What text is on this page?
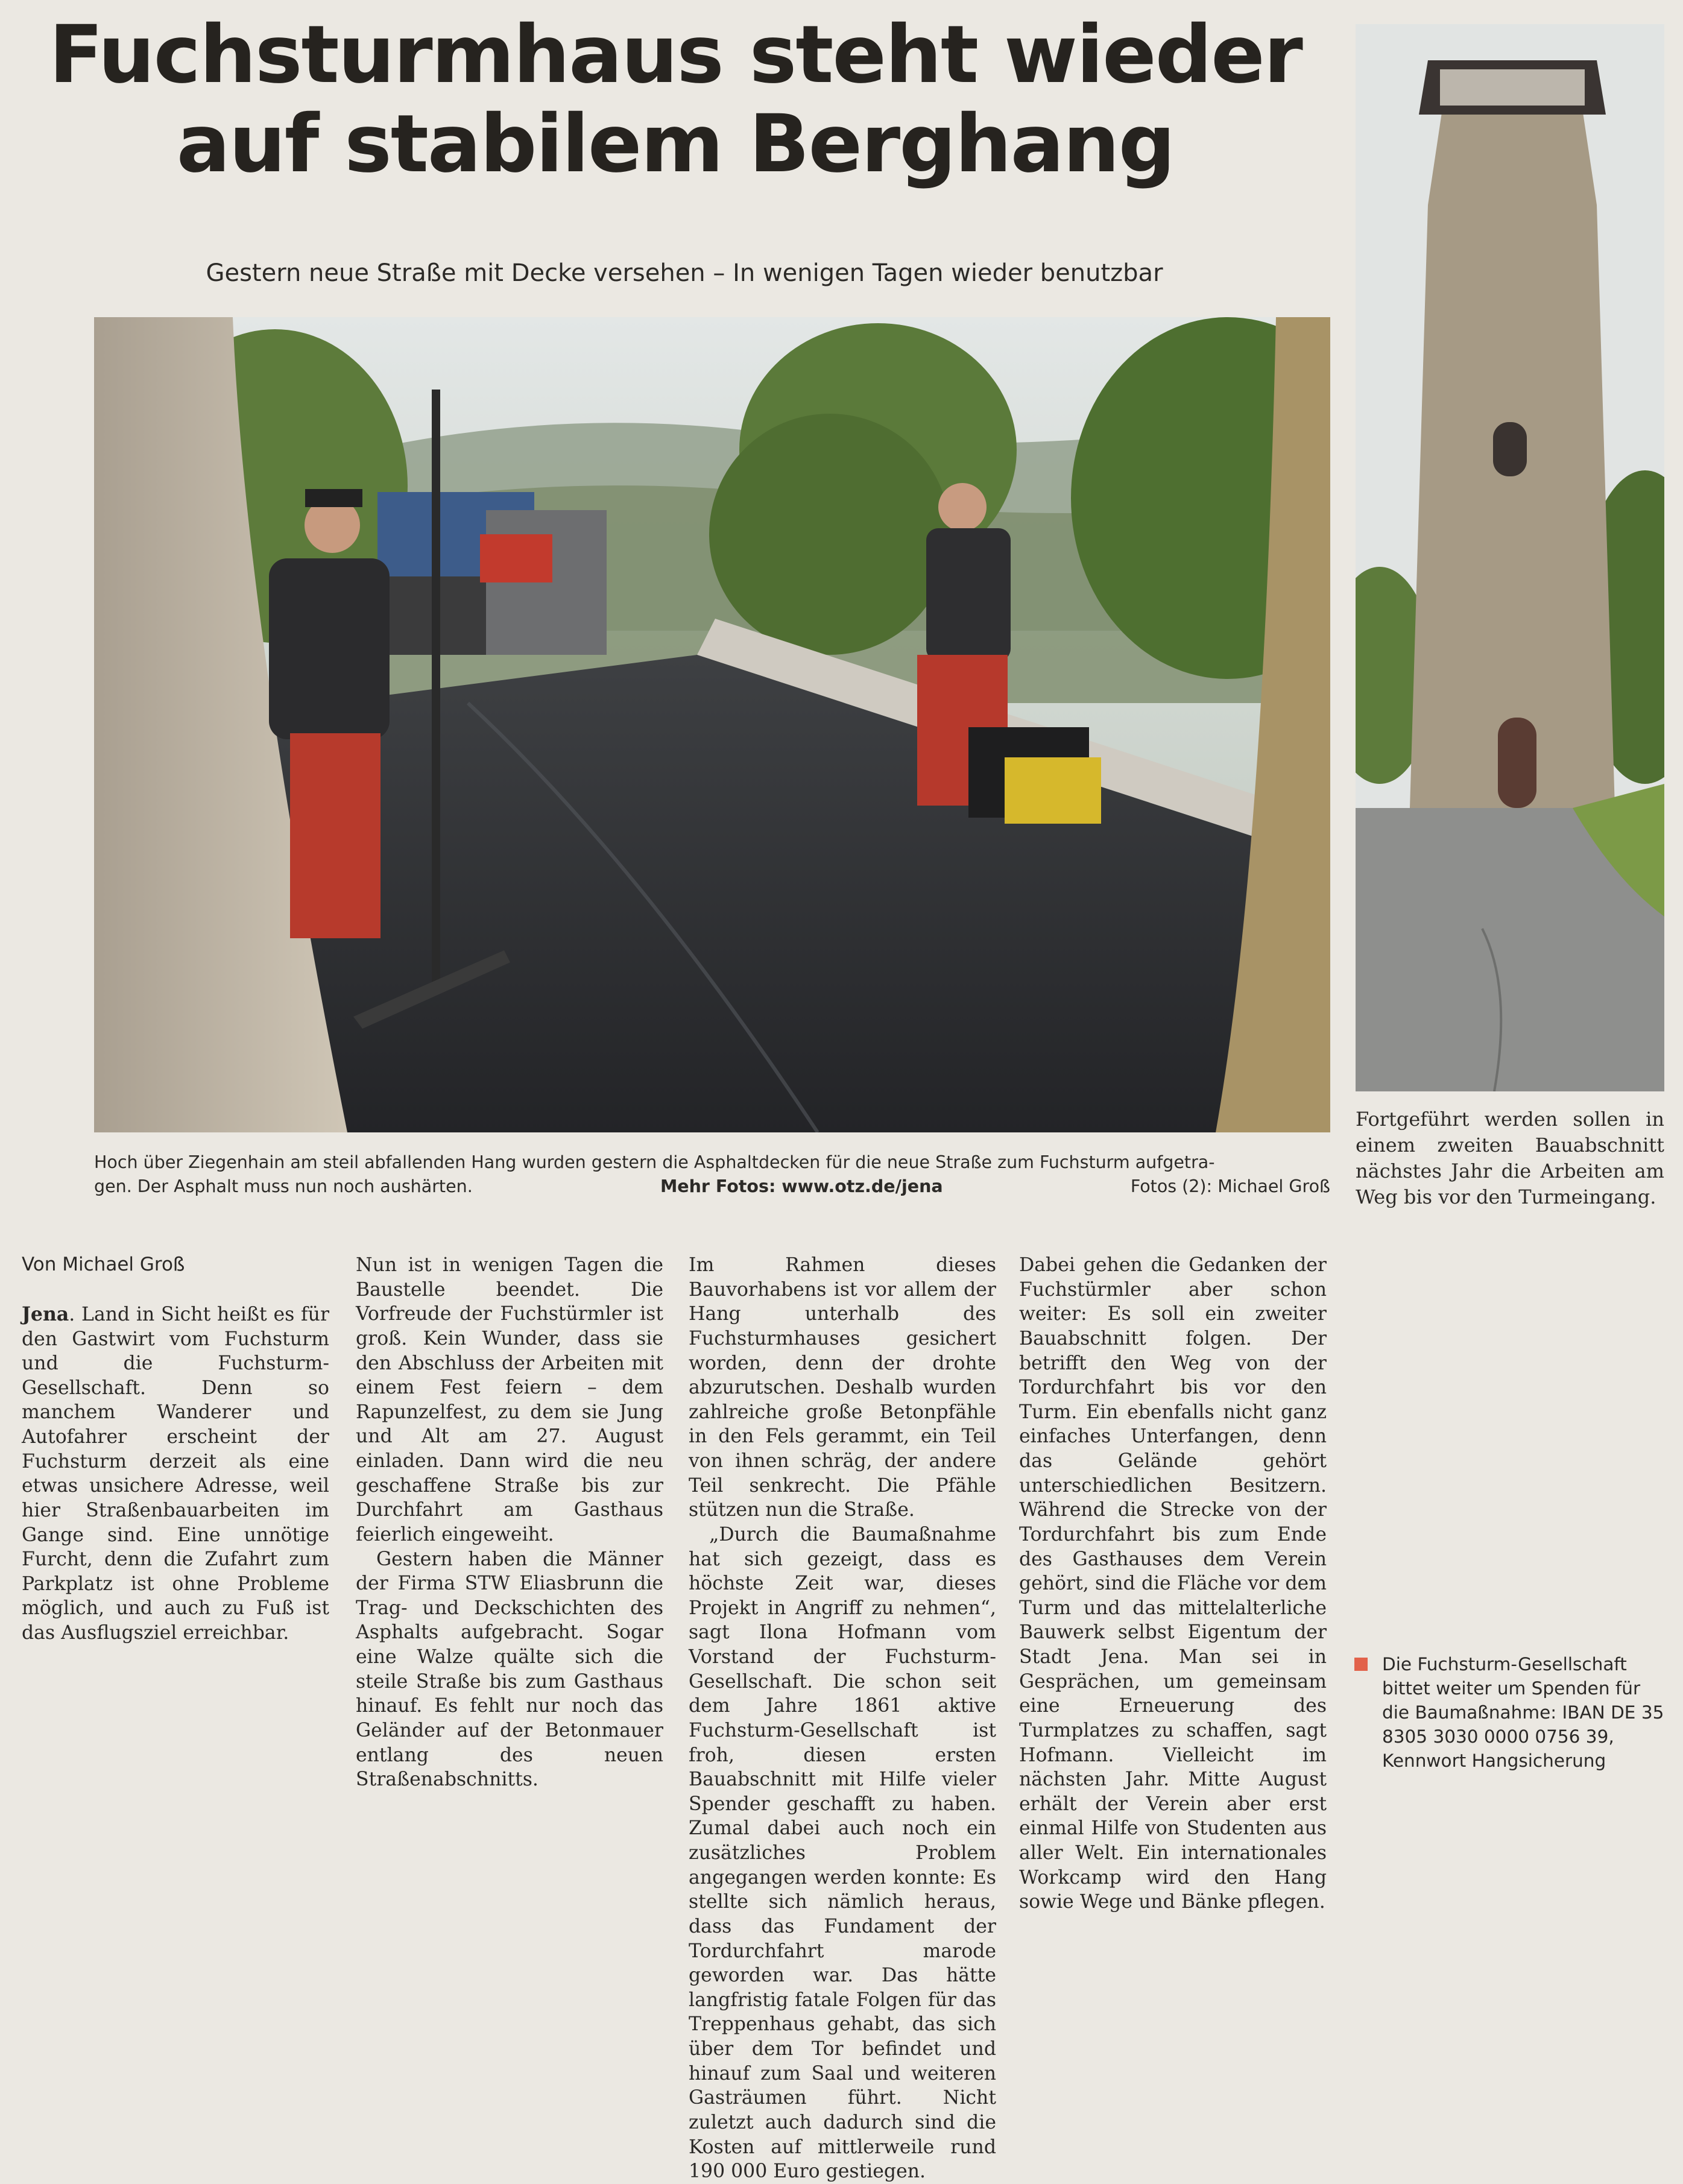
Fuchsturmhaus steht wieder
auf stabilem Berghang
Gestern neue Straße mit Decke versehen – In wenigen Tagen wieder benutzbar
Hoch über Ziegenhain am steil abfallenden Hang wurden gestern die Asphaltdecken für die neue Straße zum Fuchsturm aufgetra-
gen. Der Asphalt muss nun noch aushärten.	Mehr Fotos: www.otz.de/jena	Fotos (2): Michael Groß
Fortgeführt werden sollen in einem zweiten Bauabschnitt nächstes Jahr die Arbeiten am Weg bis vor den Turmeingang.
Von Michael Groß

Jena. Land in Sicht heißt es für den Gastwirt vom Fuchsturm und die Fuchsturm-Gesellschaft. Denn so manchem Wanderer und Autofahrer erscheint der Fuchsturm derzeit als eine etwas unsichere Adresse, weil hier Straßenbauarbeiten im Gange sind. Eine unnötige Furcht, denn die Zufahrt zum Parkplatz ist ohne Probleme möglich, und auch zu Fuß ist das Ausflugsziel erreichbar.

Nun ist in wenigen Tagen die Baustelle beendet. Die Vorfreude der Fuchstürmler ist groß. Kein Wunder, dass sie den Abschluss der Arbeiten mit einem Fest feiern – dem Rapunzelfest, zu dem sie Jung und Alt am 27. August einladen. Dann wird die neu geschaffene Straße bis zur Durchfahrt am Gasthaus feierlich eingeweiht.

Gestern haben die Männer der Firma STW Eliasbrunn die Trag- und Deckschichten des Asphalts aufgebracht. Sogar eine Walze quälte sich die steile Straße bis zum Gasthaus hinauf. Es fehlt nur noch das Geländer auf der Betonmauer entlang des neuen Straßenabschnitts.

Im Rahmen dieses Bauvorhabens ist vor allem der Hang unterhalb des Fuchsturmhauses gesichert worden, denn der drohte abzurutschen. Deshalb wurden zahlreiche große Betonpfähle in den Fels gerammt, ein Teil von ihnen schräg, der andere Teil senkrecht. Die Pfähle stützen nun die Straße.

„Durch die Baumaßnahme hat sich gezeigt, dass es höchste Zeit war, dieses Projekt in Angriff zu nehmen“, sagt Ilona Hofmann vom Vorstand der Fuchsturm-Gesellschaft. Die schon seit dem Jahre 1861 aktive Fuchsturm-Gesellschaft ist froh, diesen ersten Bauabschnitt mit Hilfe vieler Spender geschafft zu haben. Zumal dabei auch noch ein zusätzliches Problem angegangen werden konnte: Es stellte sich nämlich heraus, dass das Fundament der Tordurchfahrt marode geworden war. Das hätte langfristig fatale Folgen für das Treppenhaus gehabt, das sich über dem Tor befindet und hinauf zum Saal und weiteren Gasträumen führt. Nicht zuletzt auch dadurch sind die Kosten auf mittlerweile rund 190 000 Euro gestiegen.

Dabei gehen die Gedanken der Fuchstürmler aber schon weiter: Es soll ein zweiter Bauabschnitt folgen. Der betrifft den Weg von der Tordurchfahrt bis vor den Turm. Ein ebenfalls nicht ganz einfaches Unterfangen, denn das Gelände gehört unterschiedlichen Besitzern. Während die Strecke von der Tordurchfahrt bis zum Ende des Gasthauses dem Verein gehört, sind die Fläche vor dem Turm und das mittelalterliche Bauwerk selbst Eigentum der Stadt Jena. Man sei in Gesprächen, um gemeinsam eine Erneuerung des Turmplatzes zu schaffen, sagt Hofmann. Vielleicht im nächsten Jahr. Mitte August erhält der Verein aber erst einmal Hilfe von Studenten aus aller Welt. Ein internationales Workcamp wird den Hang sowie Wege und Bänke pflegen.

Die Fuchsturm-Gesellschaft bittet weiter um Spenden für die Baumaßnahme: IBAN DE 35 8305 3030 0000 0756 39, Kennwort Hangsicherung
